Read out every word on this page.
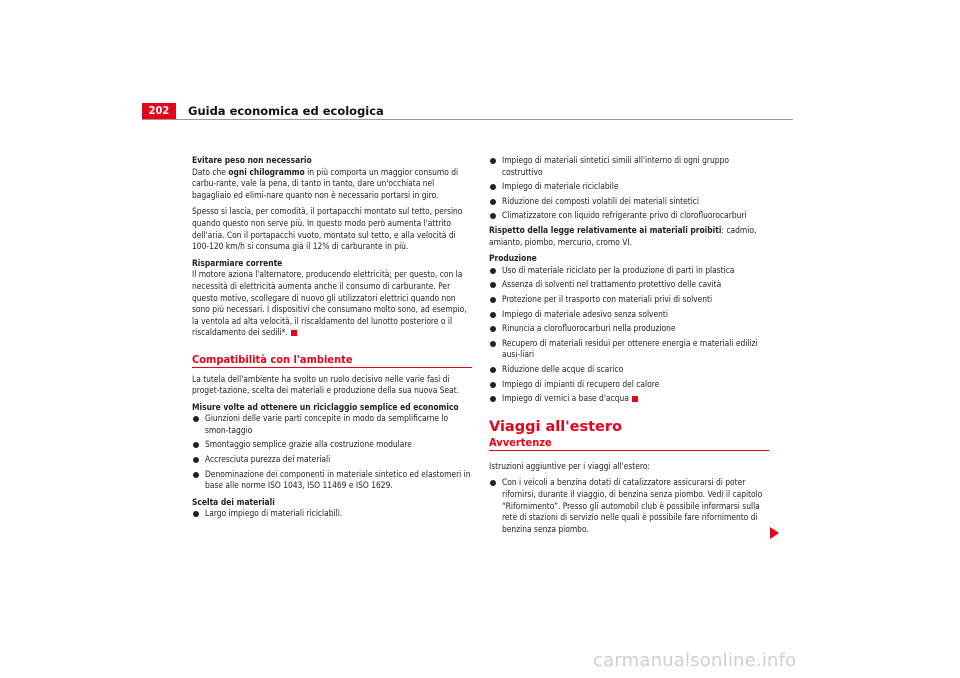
202	Guida economica ed ecologica

Evitare peso non necessario

Dato che ogni chilogrammo in più comporta un maggior consumo di carbu-rante, vale la pena, di tanto in tanto, dare un'occhiata nel bagagliaio ed elimi-nare quanto non è necessario portarsi in giro.

Spesso si lascia, per comodità, il portapacchi montato sul tetto, persino quando questo non serve più. In questo modo però aumenta l'attrito dell'aria. Con il portapacchi vuoto, montato sul tetto, e alla velocità di 100-120 km/h si consuma già il 12% di carburante in più.

Risparmiare corrente

Il motore aziona l'alternatore, producendo elettricità; per questo, con la necessità di elettricità aumenta anche il consumo di carburante. Per questo motivo, scollegare di nuovo gli utilizzatori elettrici quando non sono più necessari. I dispositivi che consumano molto sono, ad esempio, la ventola ad alta velocità, il riscaldamento del lunotto posteriore o il riscaldamento dei sedili*.

Compatibilità con l'ambiente

La tutela dell'ambiente ha svolto un ruolo decisivo nelle varie fasi di proget-tazione, scelta dei materiali e produzione della sua nuova Seat.

Misure volte ad ottenere un riciclaggio semplice ed economico

Giunzioni delle varie parti concepite in modo da semplificarne lo smon-taggio
Smontaggio semplice grazie alla costruzione modulare
Accresciuta purezza dei materiali
Denominazione dei componenti in materiale sintetico ed elastomeri in base alle norme ISO 1043, ISO 11469 e ISO 1629.

Scelta dei materiali

Largo impiego di materiali riciclabili.
Impiego di materiali sintetici simili all'interno di ogni gruppo costruttivo
Impiego di materiale riciclabile
Riduzione dei composti volatili dei materiali sintetici
Climatizzatore con liquido refrigerante privo di clorofluorocarburi

Rispetto della legge relativamente ai materiali proibiti: cadmio, amianto, piombo, mercurio, cromo VI.

Produzione

Uso di materiale riciclato per la produzione di parti in plastica
Assenza di solventi nel trattamento protettivo delle cavità
Protezione per il trasporto con materiali privi di solventi
Impiego di materiale adesivo senza solventi
Rinuncia a clorofluorocarburi nella produzione
Recupero di materiali residui per ottenere energia e materiali edilizi ausi-liari
Riduzione delle acque di scarico
Impiego di impianti di recupero del calore
Impiego di vernici a base d'acqua
Viaggi all'estero
Avvertenze

Istruzioni aggiuntive per i viaggi all'estero:

Con i veicoli a benzina dotati di catalizzatore assicurarsi di poter rifornirsi, durante il viaggio, di benzina senza piombo. Vedi il capitolo “Rifornimento”. Presso gli automobil club è possibile informarsi sulla rete di stazioni di servizio nelle quali è possibile fare rifornimento di benzina senza piombo.
carmanualsonline.info
